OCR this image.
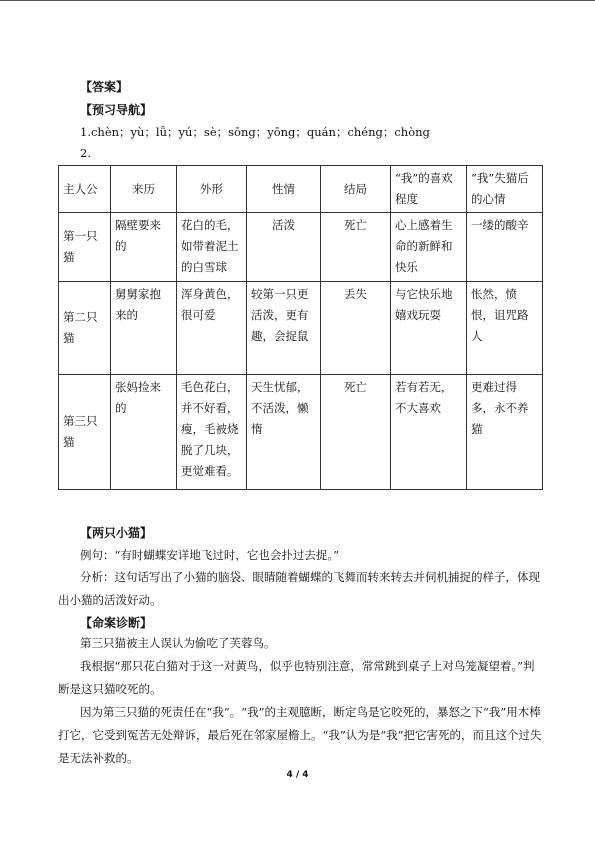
【答案】
【预习导航】
1.chèn；yù；lǚ；yú；sè；sōng；yōng；quán；chéng；chòng
2.
主人公	来历	外形	性情	结局	“我”的喜欢程度	“我”失猫后的心情
第一只猫	隔壁要来的	花白的毛，如带着泥土的白雪球	活泼	死亡	心上感着生命的新鲜和快乐	一缕的酸辛
第二只猫	舅舅家抱来的	浑身黄色，很可爱	较第一只更活泼，更有趣，会捉鼠	丢失	与它快乐地嬉戏玩耍	怅然，愤恨，诅咒路人
第三只猫	张妈捡来的	毛色花白，并不好看，瘦，毛被烧脱了几块，更觉难看。	天生忧郁，不活泼，懒惰	死亡	若有若无，不大喜欢	更难过得多，永不养猫
【两只小猫】
例句：“有时蝴蝶安详地飞过时，它也会扑过去捉。”
分析：这句话写出了小猫的脑袋、眼睛随着蝴蝶的飞舞而转来转去并伺机捕捉的样子，体现出小猫的活泼好动。
【命案诊断】
第三只猫被主人误认为偷吃了芙蓉鸟。
我根据“那只花白猫对于这一对黄鸟，似乎也特别注意，常常跳到桌子上对鸟笼凝望着。”判断是这只猫咬死的。
因为第三只猫的死责任在“我”。“我”的主观臆断，断定鸟是它咬死的，暴怒之下“我”用木棒打它，它受到冤苦无处辩诉，最后死在邻家屋檐上。“我”认为是“我”把它害死的，而且这个过失是无法补救的。
4 / 4
